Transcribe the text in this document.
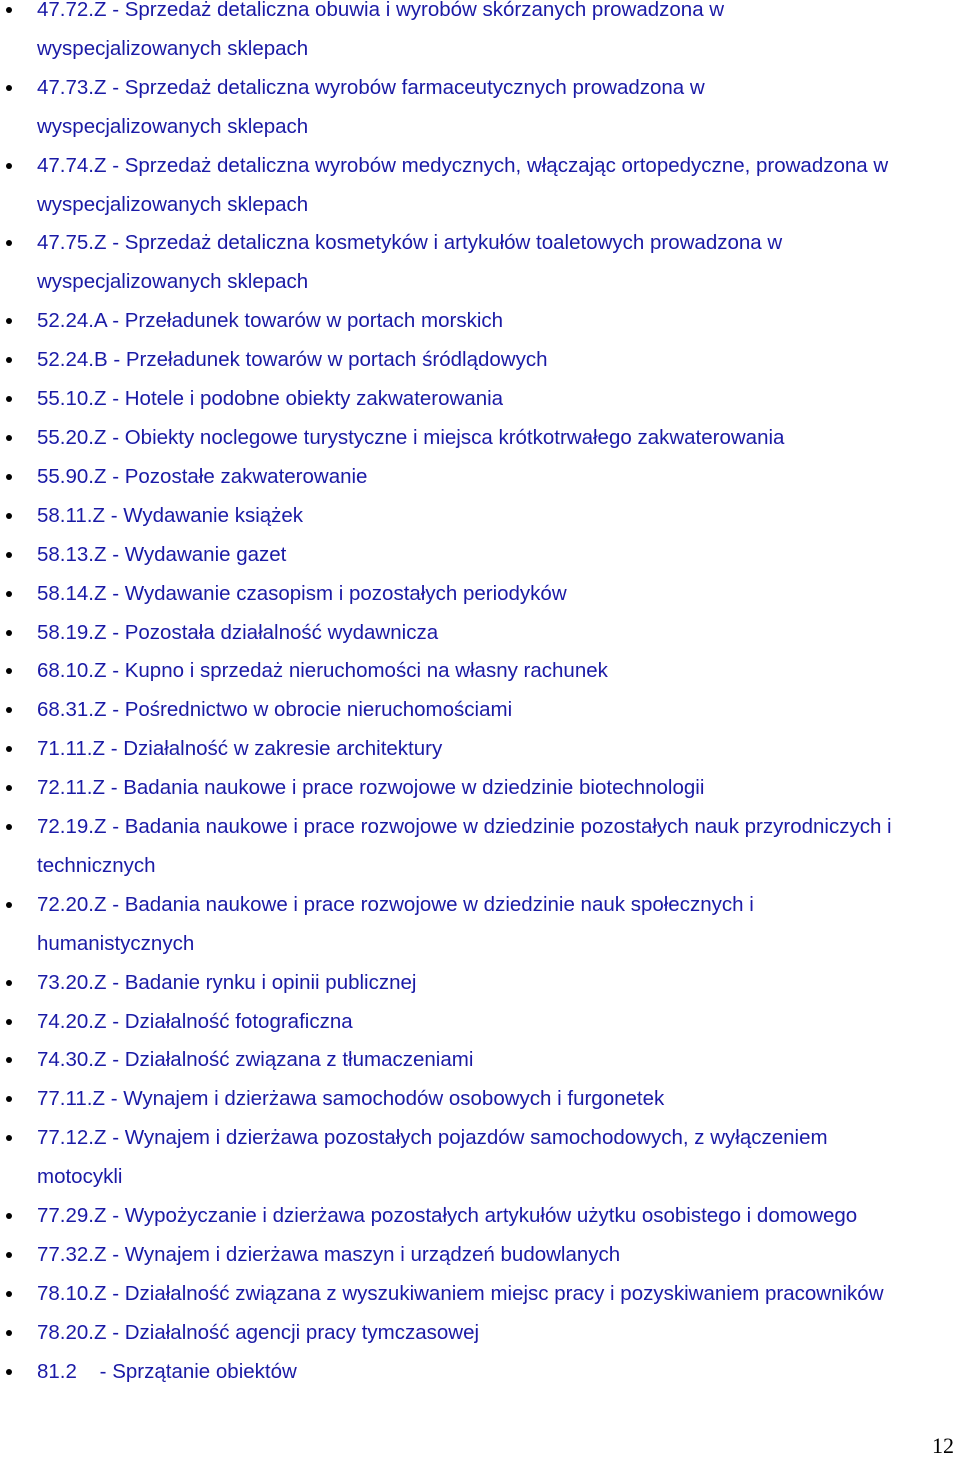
47.72.Z - Sprzedaż detaliczna obuwia i wyrobów skórzanych prowadzona w
wyspecjalizowanych sklepach
47.73.Z - Sprzedaż detaliczna wyrobów farmaceutycznych prowadzona w
wyspecjalizowanych sklepach
47.74.Z - Sprzedaż detaliczna wyrobów medycznych, włączając ortopedyczne, prowadzona w
wyspecjalizowanych sklepach
47.75.Z - Sprzedaż detaliczna kosmetyków i artykułów toaletowych prowadzona w
wyspecjalizowanych sklepach
52.24.A - Przeładunek towarów w portach morskich
52.24.B - Przeładunek towarów w portach śródlądowych
55.10.Z - Hotele i podobne obiekty zakwaterowania
55.20.Z - Obiekty noclegowe turystyczne i miejsca krótkotrwałego zakwaterowania
55.90.Z - Pozostałe zakwaterowanie
58.11.Z - Wydawanie książek
58.13.Z - Wydawanie gazet
58.14.Z - Wydawanie czasopism i pozostałych periodyków
58.19.Z - Pozostała działalność wydawnicza
68.10.Z - Kupno i sprzedaż nieruchomości na własny rachunek
68.31.Z - Pośrednictwo w obrocie nieruchomościami
71.11.Z - Działalność w zakresie architektury
72.11.Z - Badania naukowe i prace rozwojowe w dziedzinie biotechnologii
72.19.Z - Badania naukowe i prace rozwojowe w dziedzinie pozostałych nauk przyrodniczych i
technicznych
72.20.Z - Badania naukowe i prace rozwojowe w dziedzinie nauk społecznych i
humanistycznych
73.20.Z - Badanie rynku i opinii publicznej
74.20.Z - Działalność fotograficzna
74.30.Z - Działalność związana z tłumaczeniami
77.11.Z - Wynajem i dzierżawa samochodów osobowych i furgonetek
77.12.Z - Wynajem i dzierżawa pozostałych pojazdów samochodowych, z wyłączeniem
motocykli
77.29.Z - Wypożyczanie i dzierżawa pozostałych artykułów użytku osobistego i domowego
77.32.Z - Wynajem i dzierżawa maszyn i urządzeń budowlanych
78.10.Z - Działalność związana z wyszukiwaniem miejsc pracy i pozyskiwaniem pracowników
78.20.Z - Działalność agencji pracy tymczasowej
81.2    - Sprzątanie obiektów
12
